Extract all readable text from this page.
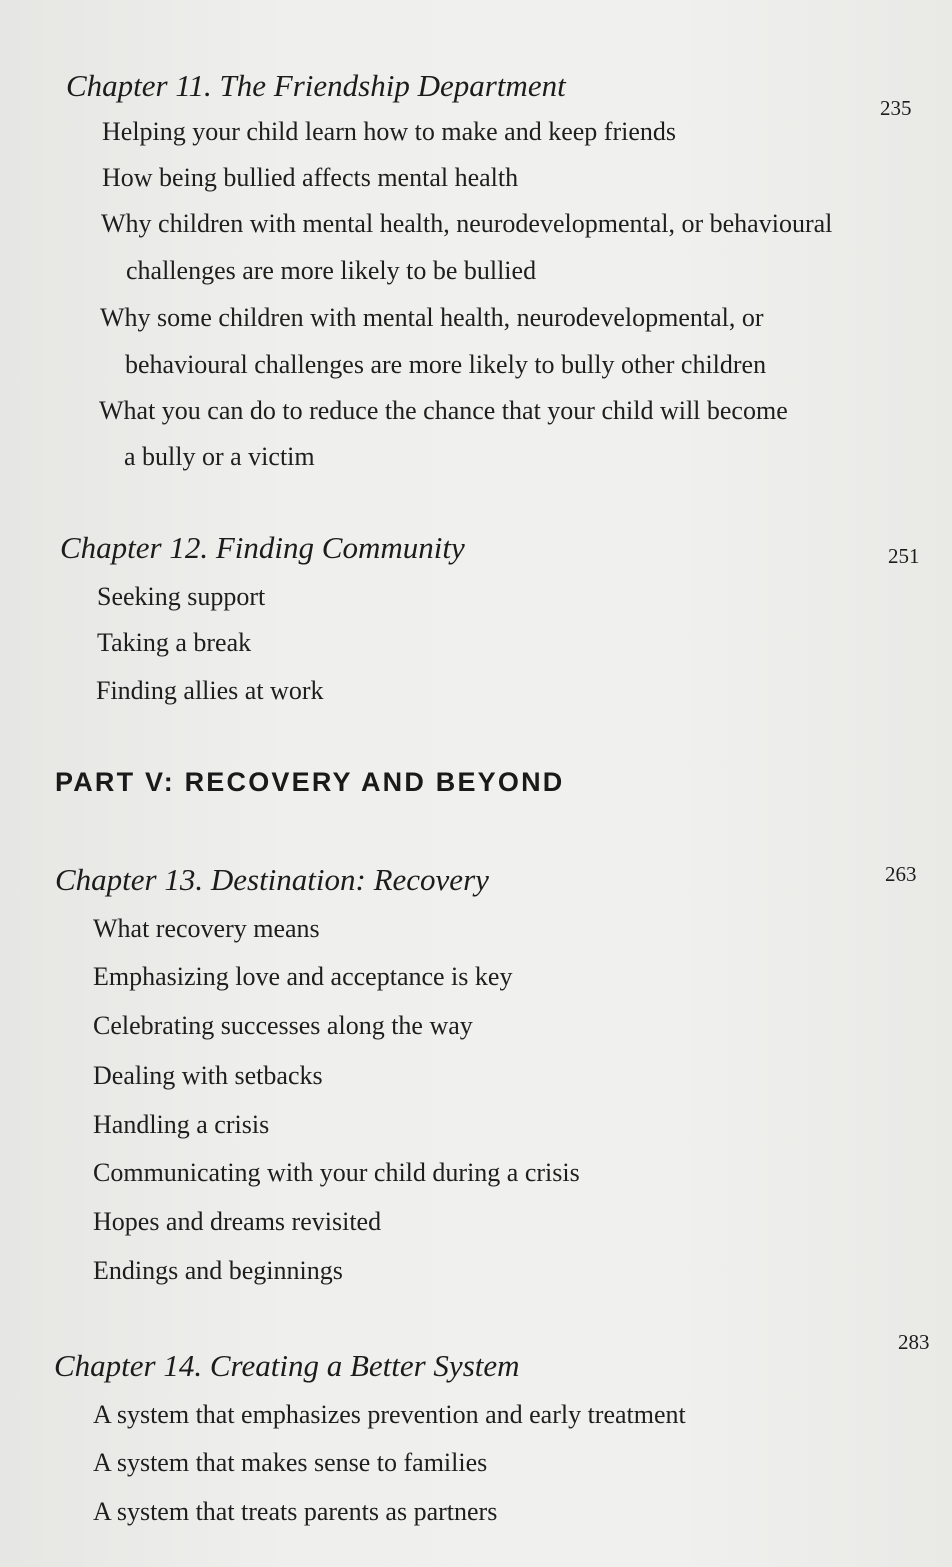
Chapter 11. The Friendship Department
235
Helping your child learn how to make and keep friends
How being bullied affects mental health
Why children with mental health, neurodevelopmental, or behavioural
challenges are more likely to be bullied
Why some children with mental health, neurodevelopmental, or
behavioural challenges are more likely to bully other children
What you can do to reduce the chance that your child will become
a bully or a victim
Chapter 12. Finding Community	251
Seeking support
Taking a break
Finding allies at work
PART V: RECOVERY AND BEYOND
Chapter 13. Destination: Recovery	263
What recovery means
Emphasizing love and acceptance is key
Celebrating successes along the way
Dealing with setbacks
Handling a crisis
Communicating with your child during a crisis
Hopes and dreams revisited
Endings and beginnings
Chapter 14. Creating a Better System
283
A system that emphasizes prevention and early treatment
A system that makes sense to families
A system that treats parents as partners
